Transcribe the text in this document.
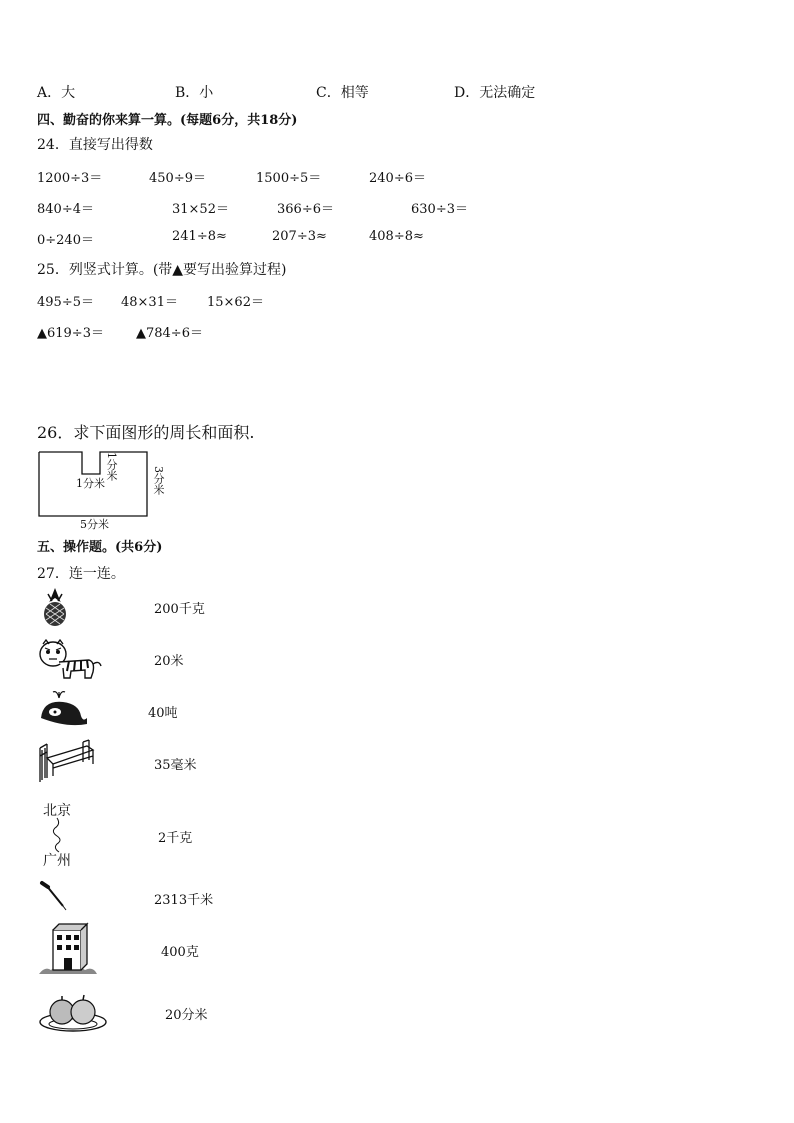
A．大	B．小	C．相等	D．无法确定
四、勤奋的你来算一算。(每题6分，共18分)
24．直接写出得数
1200÷3＝	450÷9＝	1500÷5＝	240÷6＝
840÷4＝	31×52＝	366÷6＝	630÷3＝
0÷240＝	241÷8≈	207÷3≈	408÷8≈
25．列竖式计算。(带▲要写出验算过程)
495÷5＝ 48×31＝ 15×62＝
▲619÷3＝ ▲784÷6＝
26．求下面图形的周长和面积.
1分米
1分米	3分米
5分米
五、操作题。(共6分)
27．连一连。
200千克
20米
40吨
35毫米
北京
广州
2千克
2313千米
400克
20分米
